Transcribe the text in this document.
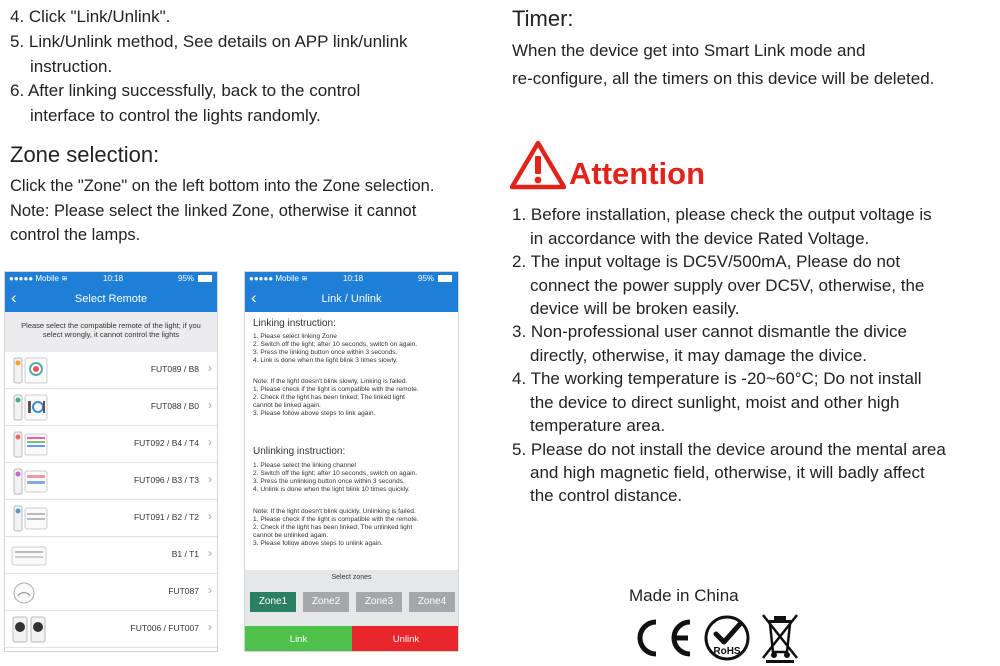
4. Click "Link/Unlink".
5. Link/Unlink method, See details on APP link/unlink
instruction.
6. After linking successfully, back to the control
interface to control the lights randomly.
Zone selection:
Click the "Zone" on the left bottom into the Zone selection.
Note: Please select the linked Zone, otherwise it cannot
control the lamps.
●●●●● Mobile ≋	10:18	95%
‹	Select Remote
Please select the compatible remote of the light; if you
select wrongly, it cannot control the lights
FUT089 / B8 ›
FUT088 / B0 ›
FUT092 / B4 / T4 ›
FUT096 / B3 / T3 ›
FUT091 / B2 / T2 ›
B1 / T1 ›
FUT087 ›
FUT006 / FUT007 ›
●●●●● Mobile ≋	10:18	95%
‹	Link / Unlink
Linking instruction:
1. Please select linking Zone
2. Switch off the light; after 10 seconds, switch on again.
3. Press the linking button once within 3 seconds.
4. Link is done when the light blink 3 times slowly.
Note: If the light doesn't blink slowly, Linking is failed.
1. Please check if the light is compatible with the remote.
2. Check if the light has been linked; The linked light
cannot be linked again.
3. Please follow above steps to link again.
Unlinking instruction:
1. Please select the linking channel
2. Switch off the light; after 10 seconds, switch on again.
3. Press the unlinking button once within 3 seconds.
4. Unlink is done when the light blink 10 times quickly.
Note: If the light doesn't blink quickly, Unlinking is failed.
1. Please check if the light is compatible with the remote.
2. Check if the light has been linked; The unlinked light
cannot be unlinked again.
3. Please follow above steps to unlink again.
Select zones
Zone1	Zone2	Zone3	Zone4
Link	Unlink
Timer:
When the device get into Smart Link mode and
re-configure, all the timers on this device will be deleted.
Attention
1. Before installation, please check the output voltage is
in accordance with the device Rated Voltage.
2. The input voltage is DC5V/500mA, Please do not
connect the power supply over DC5V, otherwise, the
device will be broken easily.
3. Non-professional user cannot dismantle the divice
directly, otherwise, it may damage the divice.
4. The working temperature is -20~60°C; Do not install
the device to direct sunlight, moist and other high
temperature area.
5. Please do not install the device around the mental area
and high magnetic field, otherwise, it will badly affect
the control distance.
Made in China
RoHS
